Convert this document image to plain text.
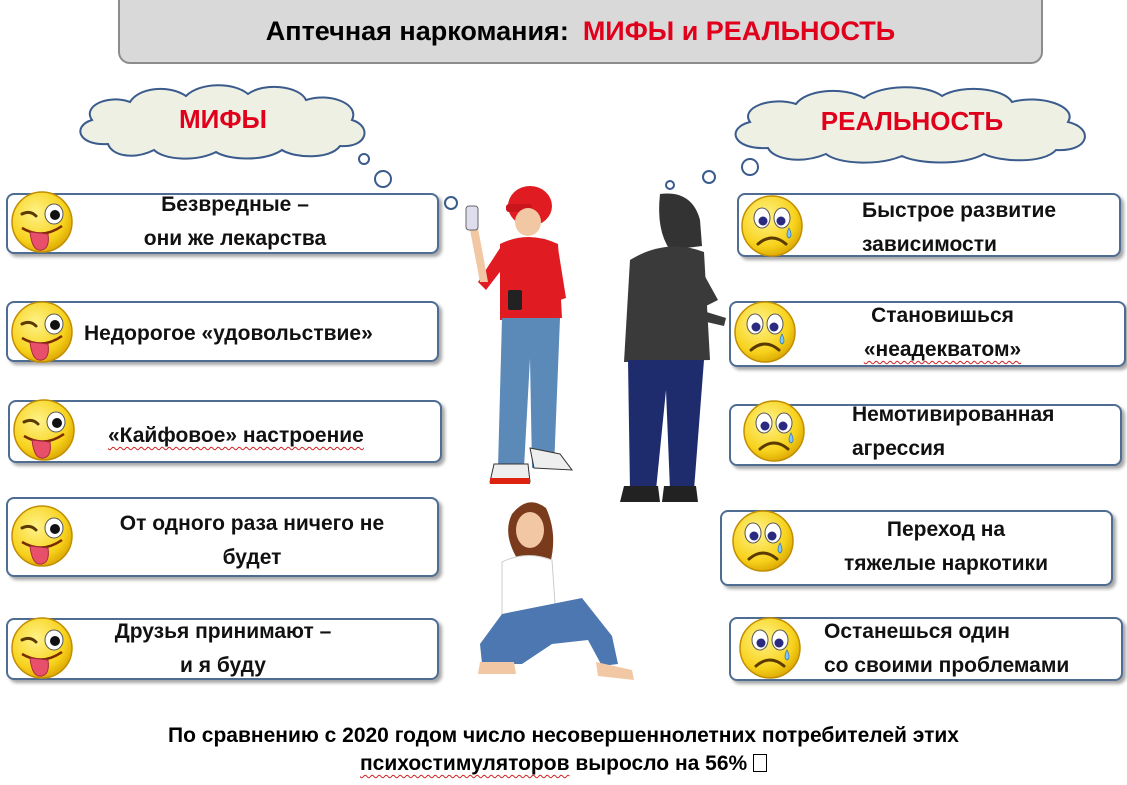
Аптечная наркомания: МИФЫ и РЕАЛЬНОСТЬ
МИФЫ	РЕАЛЬНОСТЬ
Безвредные –
они же лекарства
Недорогое «удовольствие»
«Кайфовое» настроение
От одного раза ничего не
будет
Друзья принимают –
и я буду
Быстрое развитие
зависимости
Становишься
«неадекватом»
Немотивированная
агрессия
Переход на
тяжелые наркотики
Останешься один
со своими проблемами
По сравнению с 2020 годом число несовершеннолетних потребителей этих
психостимуляторов выросло на 56%
